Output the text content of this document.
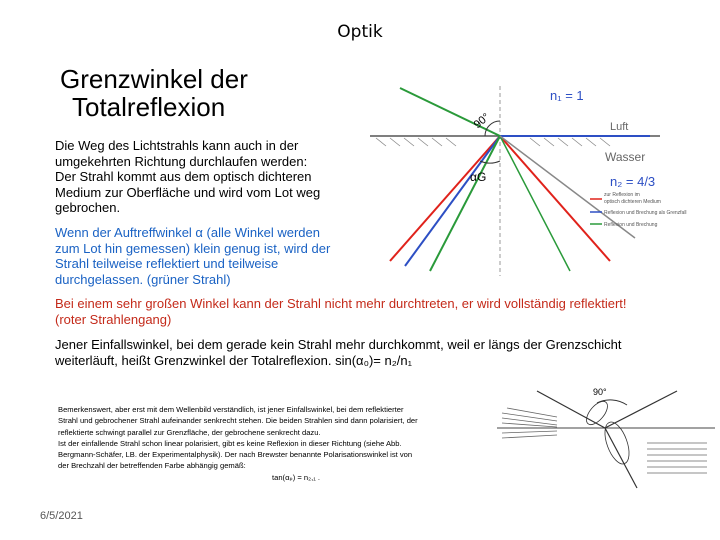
Optik
Grenzwinkel der
Totalreflexion
Die Weg des Lichtstrahls kann auch in der
umgekehrten Richtung durchlaufen werden:
Der Strahl kommt aus dem optisch dichteren
Medium zur Oberfläche und wird vom Lot weg
gebrochen.
Wenn der Auftreffwinkel α (alle Winkel werden
zum Lot hin gemessen) klein genug ist, wird der
Strahl teilweise reflektiert und teilweise
durchgelassen. (grüner Strahl)
Bei einem sehr großen Winkel kann der Strahl nicht mehr durchtreten, er wird vollständig reflektiert!
(roter Strahlengang)
Jener Einfallswinkel, bei dem gerade kein Strahl mehr durchkommt, weil er längs der Grenzschicht
weiterläuft, heißt Grenzwinkel der Totalreflexion. sin(α₀)= n₂/n₁
Bemerkenswert, aber erst mit dem Wellenbild verständlich, ist jener Einfallswinkel, bei dem reflektierter
Strahl und gebrochener Strahl aufeinander senkrecht stehen. Die beiden Strahlen sind dann polarisiert, der
reflektierte schwingt parallel zur Grenzfläche, der gebrochene senkrecht dazu.
Ist der einfallende Strahl schon linear polarisiert, gibt es keine Reflexion in dieser Richtung (siehe Abb.
Bergmann-Schäfer, LB. der Experimentalphysik). Der nach Brewster benannte Polarisationswinkel ist von
der Brechzahl der betreffenden Farbe abhängig gemäß:
tan(αₚ) = n₂,₁ .
6/5/2021
90°
αG
n₁ = 1
Luft
Wasser
n₂ = 4/3
zur Reflexion im
optisch dichteren Medium
Reflexion und Brechung als Grenzfall
Reflexion und Brechung
90°
